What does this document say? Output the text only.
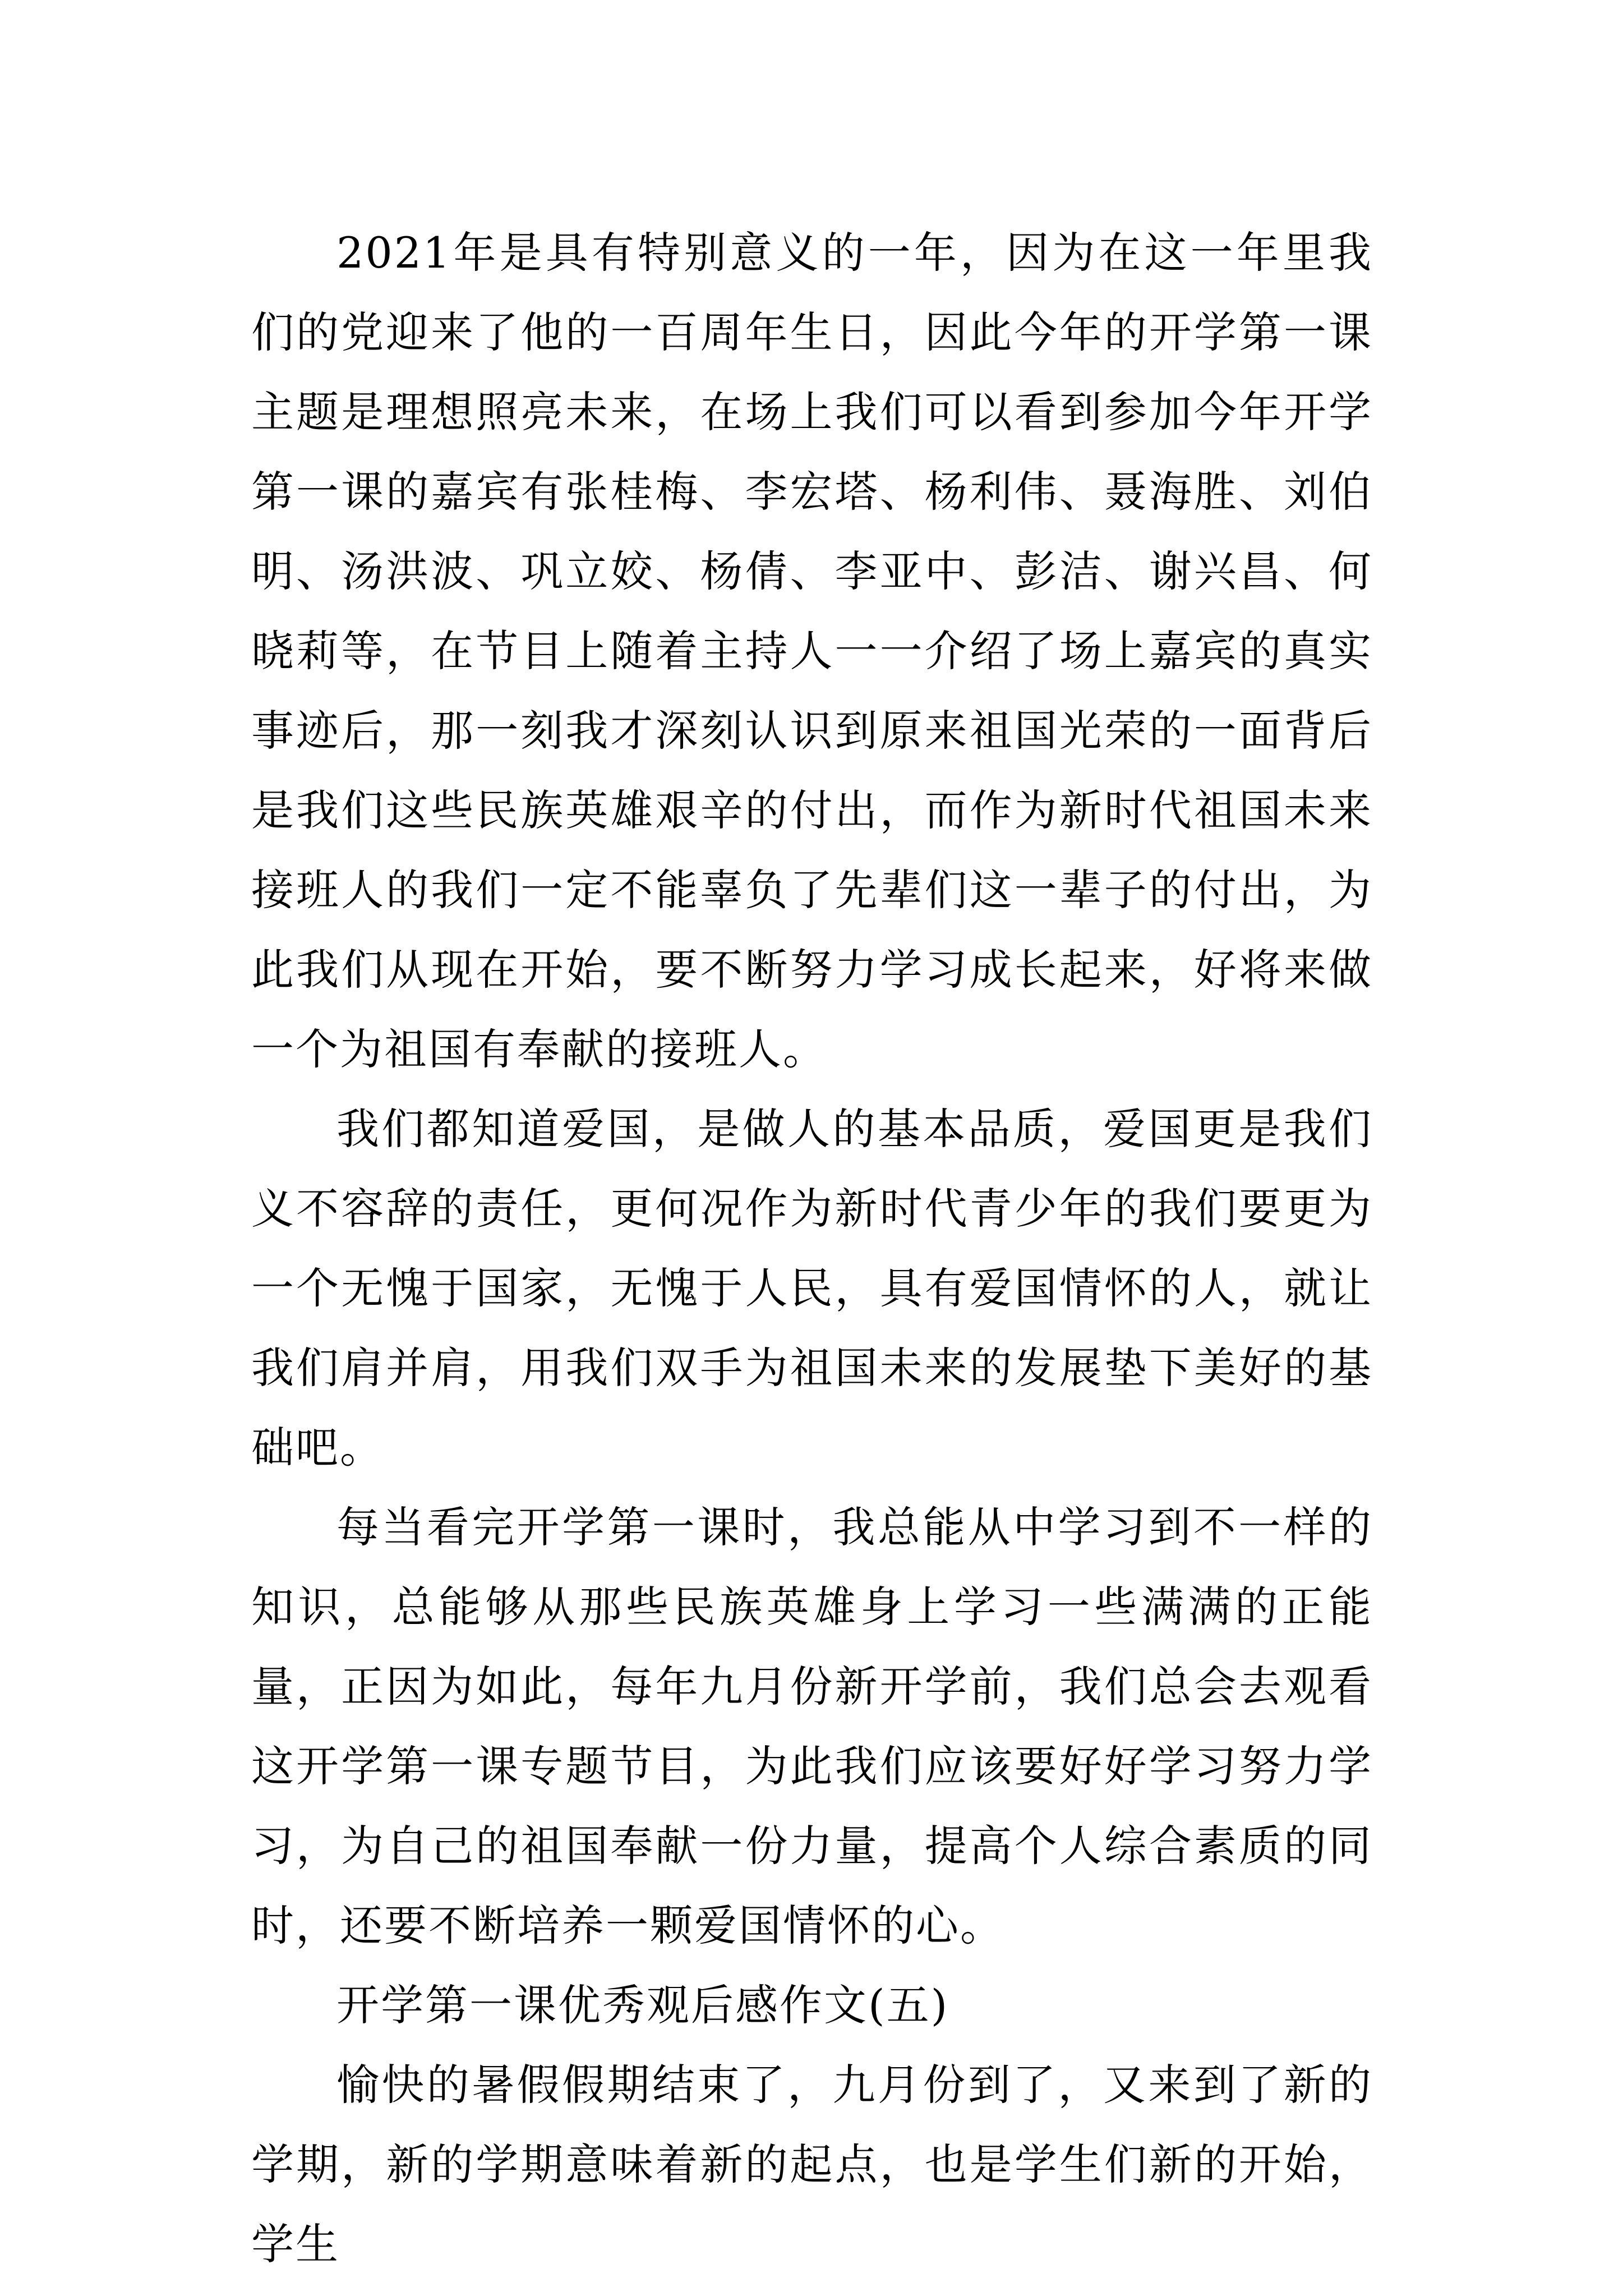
2021年是具有特别意义的一年，因为在这一年里我们的党迎来了他的一百周年生日，因此今年的开学第一课主题是理想照亮未来，在场上我们可以看到参加今年开学第一课的嘉宾有张桂梅、李宏塔、杨利伟、聂海胜、刘伯明、汤洪波、巩立姣、杨倩、李亚中、彭洁、谢兴昌、何晓莉等，在节目上随着主持人一一介绍了场上嘉宾的真实事迹后，那一刻我才深刻认识到原来祖国光荣的一面背后是我们这些民族英雄艰辛的付出，而作为新时代祖国未来接班人的我们一定不能辜负了先辈们这一辈子的付出，为此我们从现在开始，要不断努力学习成长起来，好将来做一个为祖国有奉献的接班人。

我们都知道爱国，是做人的基本品质，爱国更是我们义不容辞的责任，更何况作为新时代青少年的我们要更为一个无愧于国家，无愧于人民，具有爱国情怀的人，就让我们肩并肩，用我们双手为祖国未来的发展垫下美好的基础吧。

每当看完开学第一课时，我总能从中学习到不一样的知识，总能够从那些民族英雄身上学习一些满满的正能量，正因为如此，每年九月份新开学前，我们总会去观看这开学第一课专题节目，为此我们应该要好好学习努力学习，为自己的祖国奉献一份力量，提高个人综合素质的同时，还要不断培养一颗爱国情怀的心。

开学第一课优秀观后感作文(五)

愉快的暑假假期结束了，九月份到了，又来到了新的学期，新的学期意味着新的起点，也是学生们新的开始，学生
